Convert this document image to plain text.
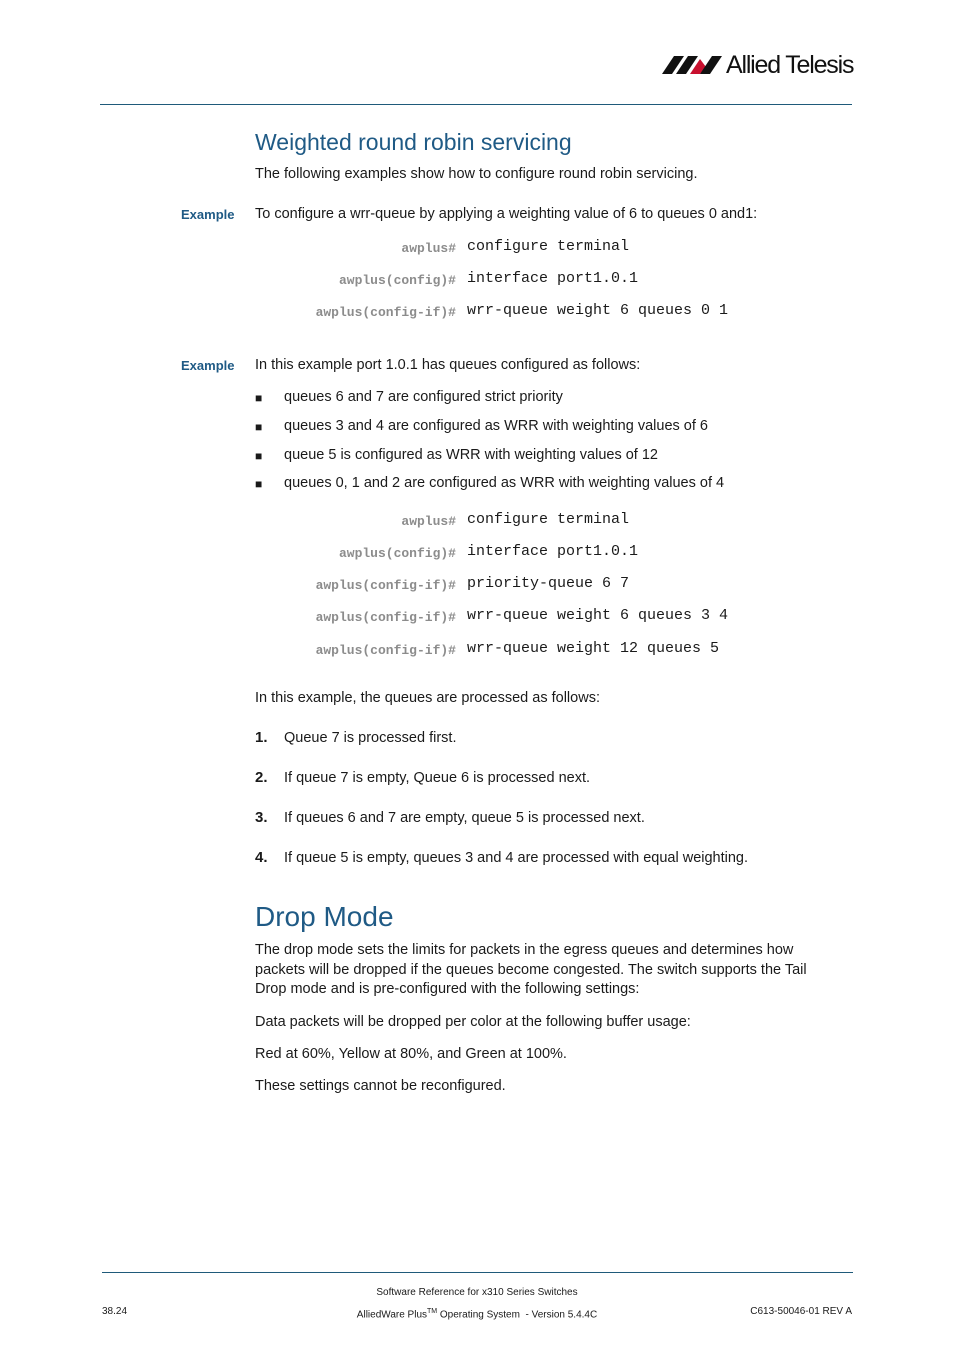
Allied Telesis
Weighted round robin servicing
The following examples show how to configure round robin servicing.
Example To configure a wrr-queue by applying a weighting value of 6 to queues 0 and1:
awplus# configure terminal
awplus(config)# interface port1.0.1
awplus(config-if)# wrr-queue weight 6 queues 0 1
Example In this example port 1.0.1 has queues configured as follows:
■ queues 6 and 7 are configured strict priority
■ queues 3 and 4 are configured as WRR with weighting values of 6
■ queue 5 is configured as WRR with weighting values of 12
■ queues 0, 1 and 2 are configured as WRR with weighting values of 4
awplus# configure terminal
awplus(config)# interface port1.0.1
awplus(config-if)# priority-queue 6 7
awplus(config-if)# wrr-queue weight 6 queues 3 4
awplus(config-if)# wrr-queue weight 12 queues 5
In this example, the queues are processed as follows:
1. Queue 7 is processed first.
2. If queue 7 is empty, Queue 6 is processed next.
3. If queues 6 and 7 are empty, queue 5 is processed next.
4. If queue 5 is empty, queues 3 and 4 are processed with equal weighting.
Drop Mode
The drop mode sets the limits for packets in the egress queues and determines how packets will be dropped if the queues become congested. The switch supports the Tail Drop mode and is pre-configured with the following settings:
Data packets will be dropped per color at the following buffer usage:
Red at 60%, Yellow at 80%, and Green at 100%.
These settings cannot be reconfigured.
Software Reference for x310 Series Switches
AlliedWare Plus™ Operating System  - Version 5.4.4C
38.24	C613-50046-01 REV A
